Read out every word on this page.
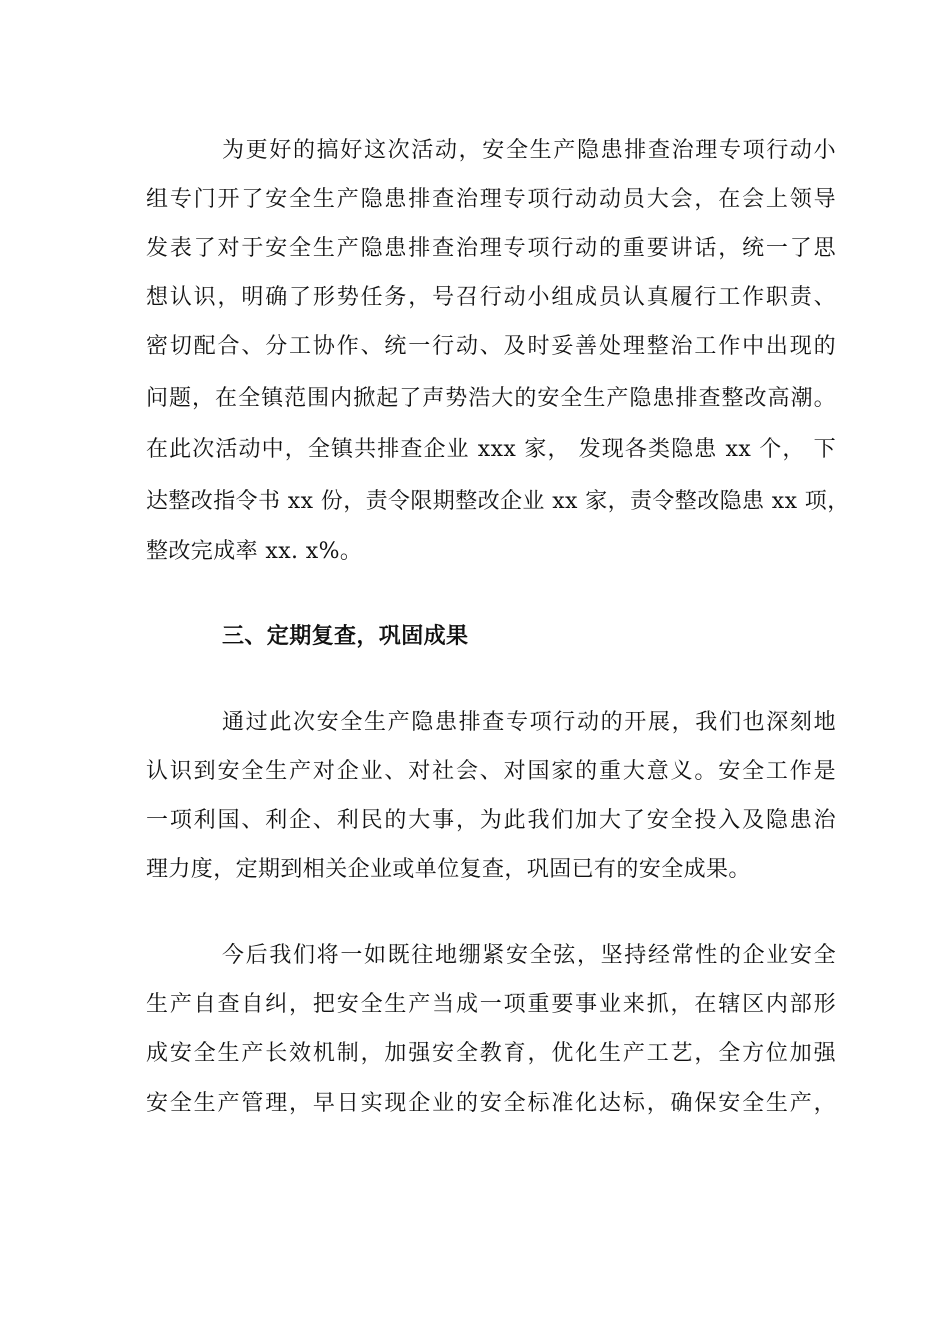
为更好的搞好这次活动，安全生产隐患排查治理专项行动小
组专门开了安全生产隐患排查治理专项行动动员大会，在会上领导
发表了对于安全生产隐患排查治理专项行动的重要讲话，统一了思
想认识，明确了形势任务，号召行动小组成员认真履行工作职责、
密切配合、分工协作、统一行动、及时妥善处理整治工作中出现的
问题，在全镇范围内掀起了声势浩大的安全生产隐患排查整改高潮。
在此次活动中，全镇共排查企业 xxx 家， 发现各类隐患 xx 个， 下
达整改指令书 xx 份，责令限期整改企业 xx 家，责令整改隐患 xx 项，
整改完成率 xx. x%。
三、定期复查，巩固成果
通过此次安全生产隐患排查专项行动的开展，我们也深刻地
认识到安全生产对企业、对社会、对国家的重大意义。安全工作是
一项利国、利企、利民的大事，为此我们加大了安全投入及隐患治
理力度，定期到相关企业或单位复查，巩固已有的安全成果。
今后我们将一如既往地绷紧安全弦，坚持经常性的企业安全
生产自查自纠，把安全生产当成一项重要事业来抓，在辖区内部形
成安全生产长效机制，加强安全教育，优化生产工艺，全方位加强
安全生产管理，早日实现企业的安全标准化达标，确保安全生产，
